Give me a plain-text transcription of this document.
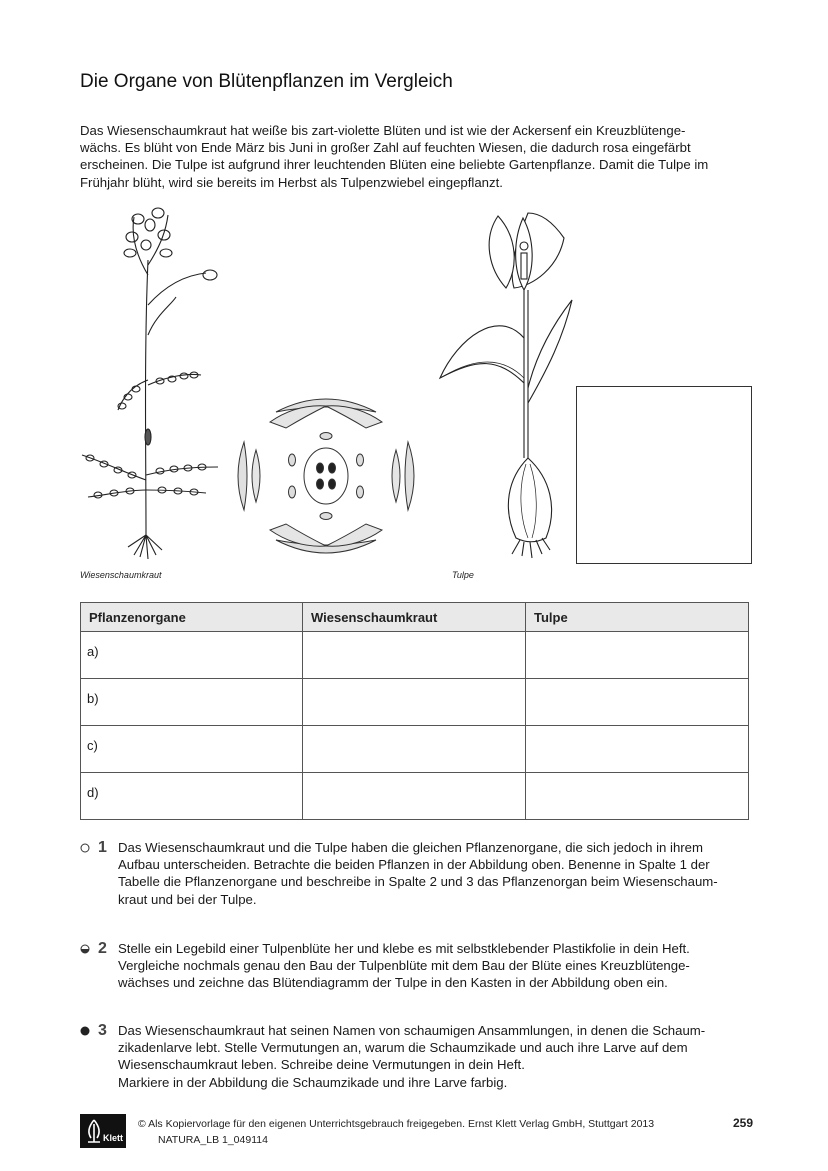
Die Organe von Blütenpflanzen im Vergleich
Das Wiesenschaumkraut hat weiße bis zart-violette Blüten und ist wie der Ackersenf ein Kreuzblütenge-
wächs. Es blüht von Ende März bis Juni in großer Zahl auf feuchten Wiesen, die dadurch rosa eingefärbt
erscheinen. Die Tulpe ist aufgrund ihrer leuchtenden Blüten eine beliebte Gartenpflanze. Damit die Tulpe im
Frühjahr blüht, wird sie bereits im Herbst als Tulpenzwiebel eingepflanzt.
Wiesenschaumkraut	Tulpe
Pflanzenorgane	Wiesenschaumkraut	Tulpe
a)		
b)		
c)		
d)		
1 Das Wiesenschaumkraut und die Tulpe haben die gleichen Pflanzenorgane, die sich jedoch in ihrem
Aufbau unterscheiden. Betrachte die beiden Pflanzen in der Abbildung oben. Benenne in Spalte 1 der
Tabelle die Pflanzenorgane und beschreibe in Spalte 2 und 3 das Pflanzenorgan beim Wiesenschaum-
kraut und bei der Tulpe.
2 Stelle ein Legebild einer Tulpenblüte her und klebe es mit selbstklebender Plastikfolie in dein Heft.
Vergleiche nochmals genau den Bau der Tulpenblüte mit dem Bau der Blüte eines Kreuzblütenge-
wächses und zeichne das Blütendiagramm der Tulpe in den Kasten in der Abbildung oben ein.
3 Das Wiesenschaumkraut hat seinen Namen von schaumigen Ansammlungen, in denen die Schaum-
zikadenlarve lebt. Stelle Vermutungen an, warum die Schaumzikade und auch ihre Larve auf dem
Wiesenschaumkraut leben. Schreibe deine Vermutungen in dein Heft.
Markiere in der Abbildung die Schaumzikade und ihre Larve farbig.
Klett
© Als Kopiervorlage für den eigenen Unterrichtsgebrauch freigegeben. Ernst Klett Verlag GmbH, Stuttgart 2013
NATURA_LB 1_049114
259
